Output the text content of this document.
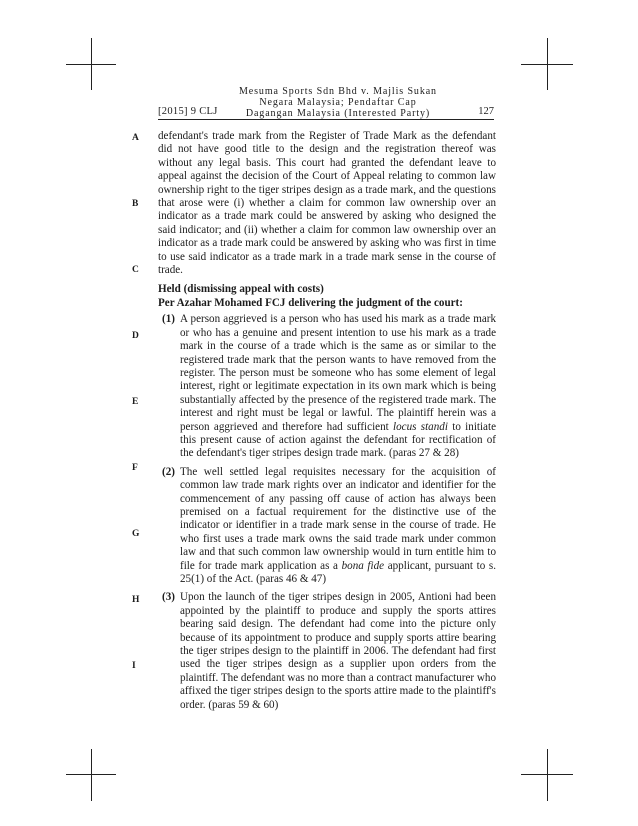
[2015] 9 CLJ
Mesuma Sports Sdn Bhd v. Majlis Sukan
Negara Malaysia; Pendaftar Cap
Dagangan Malaysia (Interested Party)	127
A
B
C
D
E
F
G
H
I

defendant's trade mark from the Register of Trade Mark as the defendant did not have good title to the design and the registration thereof was without any legal basis. This court had granted the defendant leave to appeal against the decision of the Court of Appeal relating to common law ownership right to the tiger stripes design as a trade mark, and the questions that arose were (i) whether a claim for common law ownership over an indicator as a trade mark could be answered by asking who designed the said indicator; and (ii) whether a claim for common law ownership over an indicator as a trade mark could be answered by asking who was first in time to use said indicator as a trade mark in a trade mark sense in the course of trade.

Held (dismissing appeal with costs)
Per Azahar Mohamed FCJ delivering the judgment of the court:

(1) A person aggrieved is a person who has used his mark as a trade mark or who has a genuine and present intention to use his mark as a trade mark in the course of a trade which is the same as or similar to the registered trade mark that the person wants to have removed from the register. The person must be someone who has some element of legal interest, right or legitimate expectation in its own mark which is being substantially affected by the presence of the registered trade mark. The interest and right must be legal or lawful. The plaintiff herein was a person aggrieved and therefore had sufficient locus standi to initiate this present cause of action against the defendant for rectification of the defendant's tiger stripes design trade mark. (paras 27 & 28)

(2) The well settled legal requisites necessary for the acquisition of common law trade mark rights over an indicator and identifier for the commencement of any passing off cause of action has always been premised on a factual requirement for the distinctive use of the indicator or identifier in a trade mark sense in the course of trade. He who first uses a trade mark owns the said trade mark under common law and that such common law ownership would in turn entitle him to file for trade mark application as a bona fide applicant, pursuant to s. 25(1) of the Act. (paras 46 & 47)

(3) Upon the launch of the tiger stripes design in 2005, Antioni had been appointed by the plaintiff to produce and supply the sports attires bearing said design. The defendant had come into the picture only because of its appointment to produce and supply sports attire bearing the tiger stripes design to the plaintiff in 2006. The defendant had first used the tiger stripes design as a supplier upon orders from the plaintiff. The defendant was no more than a contract manufacturer who affixed the tiger stripes design to the sports attire made to the plaintiff's order. (paras 59 & 60)
